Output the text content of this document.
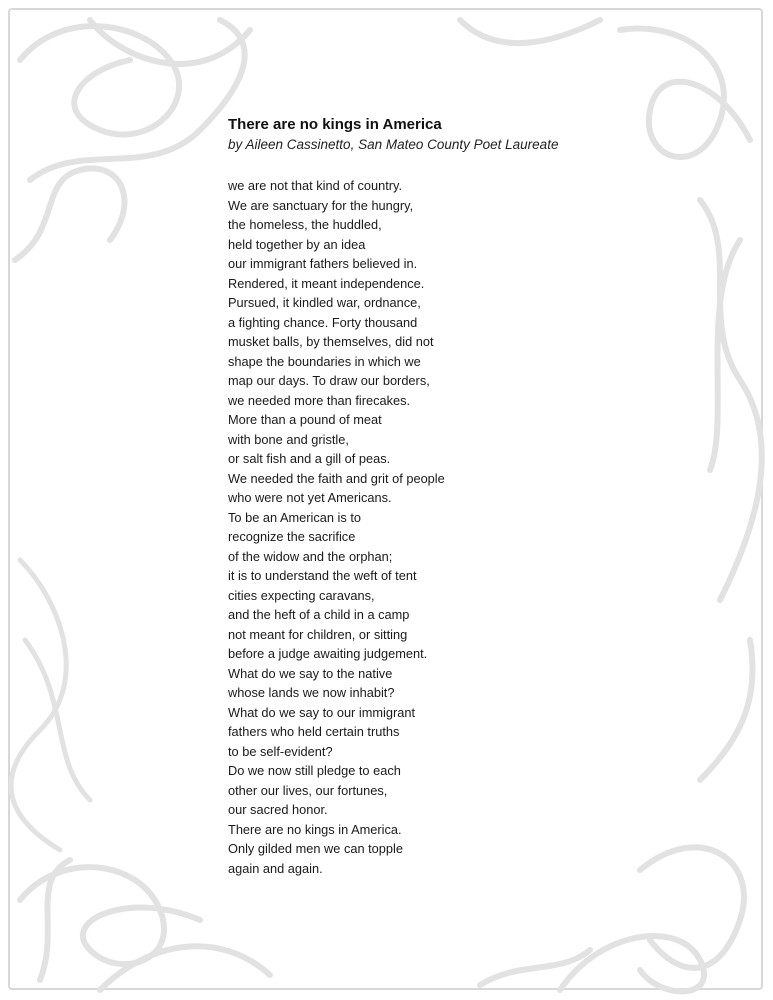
There are no kings in America
by Aileen Cassinetto, San Mateo County Poet Laureate
we are not that kind of country.
We are sanctuary for the hungry,
the homeless, the huddled,
held together by an idea
our immigrant fathers believed in.
Rendered, it meant independence.
Pursued, it kindled war, ordnance,
a fighting chance. Forty thousand
musket balls, by themselves, did not
shape the boundaries in which we
map our days. To draw our borders,
we needed more than firecakes.
More than a pound of meat
with bone and gristle,
or salt fish and a gill of peas.
We needed the faith and grit of people
who were not yet Americans.
To be an American is to
recognize the sacrifice
of the widow and the orphan;
it is to understand the weft of tent
cities expecting caravans,
and the heft of a child in a camp
not meant for children, or sitting
before a judge awaiting judgement.
What do we say to the native
whose lands we now inhabit?
What do we say to our immigrant
fathers who held certain truths
to be self-evident?
Do we now still pledge to each
other our lives, our fortunes,
our sacred honor.
There are no kings in America.
Only gilded men we can topple
again and again.
